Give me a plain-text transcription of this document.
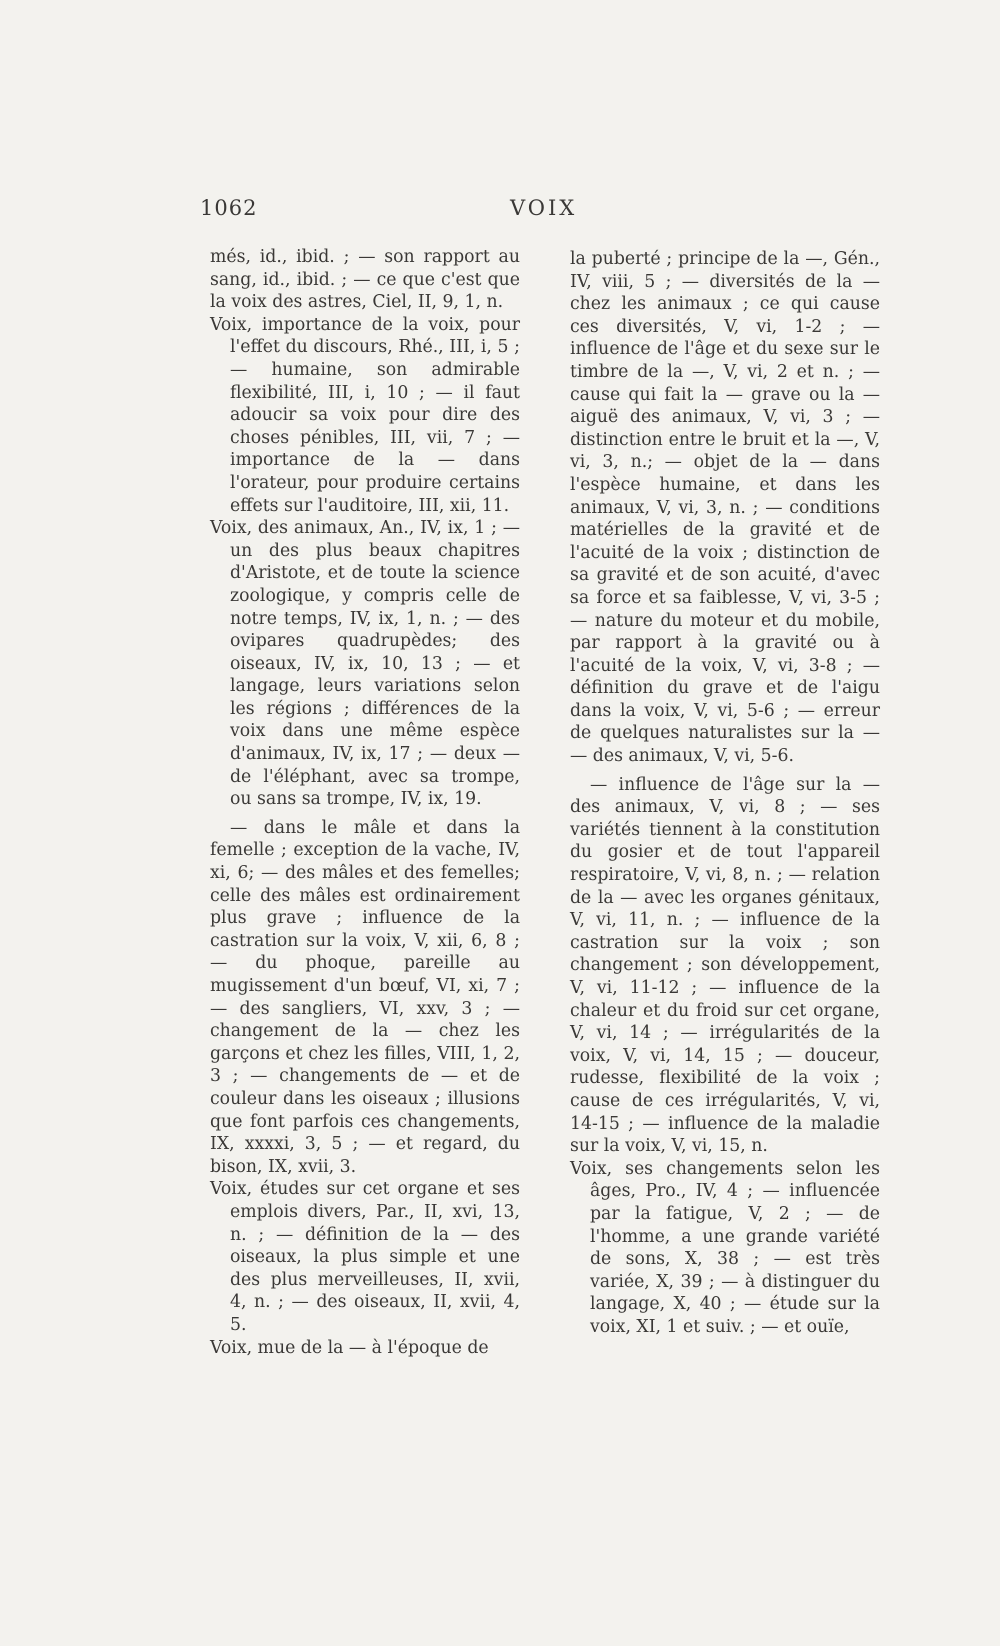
1062	VOIX

més, id., ibid. ; — son rapport au sang, id., ibid. ; — ce que c'est que la voix des astres, Ciel, II, 9, 1, n.

Voix, importance de la voix, pour l'effet du discours, Rhé., III, i, 5 ; — humaine, son admirable flexibilité, III, i, 10 ; — il faut adoucir sa voix pour dire des choses pénibles, III, vii, 7 ; — importance de la — dans l'orateur, pour produire certains effets sur l'auditoire, III, xii, 11.

Voix, des animaux, An., IV, ix, 1 ; — un des plus beaux chapitres d'Aristote, et de toute la science zoologique, y compris celle de notre temps, IV, ix, 1, n. ; — des ovipares quadrupèdes; des oiseaux, IV, ix, 10, 13 ; — et langage, leurs variations selon les régions ; différences de la voix dans une même espèce d'animaux, IV, ix, 17 ; — deux — de l'éléphant, avec sa trompe, ou sans sa trompe, IV, ix, 19.

— dans le mâle et dans la femelle ; exception de la vache, IV, xi, 6; — des mâles et des femelles; celle des mâles est ordinairement plus grave ; influence de la castration sur la voix, V, xii, 6, 8 ; — du phoque, pareille au mugissement d'un bœuf, VI, xi, 7 ; — des sangliers, VI, xxv, 3 ; — changement de la — chez les garçons et chez les filles, VIII, 1, 2, 3 ; — changements de — et de couleur dans les oiseaux ; illusions que font parfois ces changements, IX, xxxxi, 3, 5 ; — et regard, du bison, IX, xvii, 3.

Voix, études sur cet organe et ses emplois divers, Par., II, xvi, 13, n. ; — définition de la — des oiseaux, la plus simple et une des plus merveilleuses, II, xvii, 4, n. ; — des oiseaux, II, xvii, 4, 5.

Voix, mue de la — à l'époque de

la puberté ; principe de la —, Gén., IV, viii, 5 ; — diversités de la — chez les animaux ; ce qui cause ces diversités, V, vi, 1-2 ; — influence de l'âge et du sexe sur le timbre de la —, V, vi, 2 et n. ; — cause qui fait la — grave ou la — aiguë des animaux, V, vi, 3 ; — distinction entre le bruit et la —, V, vi, 3, n.; — objet de la — dans l'espèce humaine, et dans les animaux, V, vi, 3, n. ; — conditions matérielles de la gravité et de l'acuité de la voix ; distinction de sa gravité et de son acuité, d'avec sa force et sa faiblesse, V, vi, 3-5 ; — nature du moteur et du mobile, par rapport à la gravité ou à l'acuité de la voix, V, vi, 3-8 ; — définition du grave et de l'aigu dans la voix, V, vi, 5-6 ; — erreur de quelques naturalistes sur la — — des animaux, V, vi, 5-6.

— influence de l'âge sur la — des animaux, V, vi, 8 ; — ses variétés tiennent à la constitution du gosier et de tout l'appareil respiratoire, V, vi, 8, n. ; — relation de la — avec les organes génitaux, V, vi, 11, n. ; — influence de la castration sur la voix ; son changement ; son développement, V, vi, 11-12 ; — influence de la chaleur et du froid sur cet organe, V, vi, 14 ; — irrégularités de la voix, V, vi, 14, 15 ; — douceur, rudesse, flexibilité de la voix ; cause de ces irrégularités, V, vi, 14-15 ; — influence de la maladie sur la voix, V, vi, 15, n.

Voix, ses changements selon les âges, Pro., IV, 4 ; — influencée par la fatigue, V, 2 ; — de l'homme, a une grande variété de sons, X, 38 ; — est très variée, X, 39 ; — à distinguer du langage, X, 40 ; — étude sur la voix, XI, 1 et suiv. ; — et ouïe,
